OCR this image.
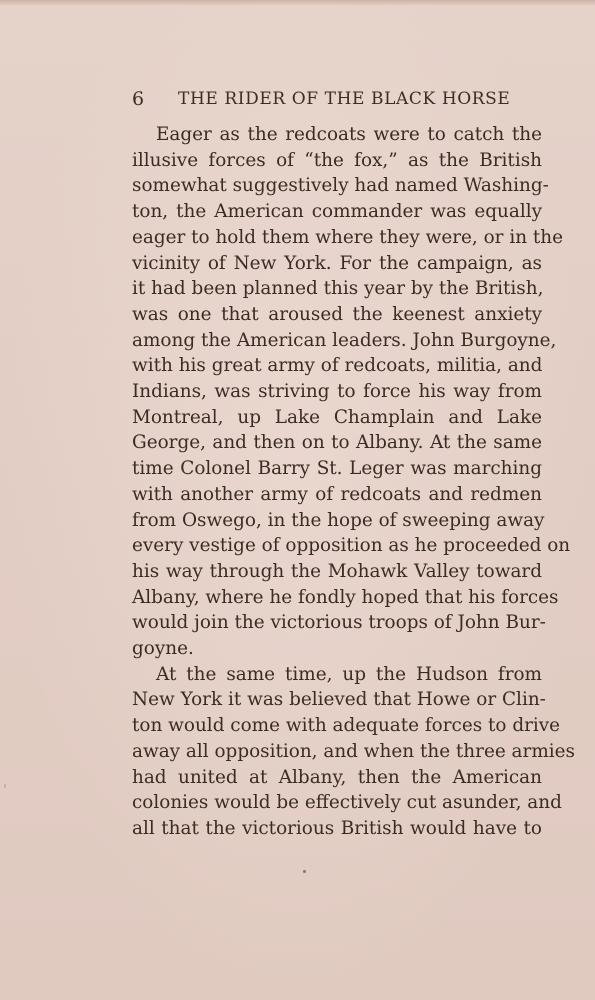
6 THE RIDER OF THE BLACK HORSE
Eager as the redcoats were to catch the
illusive forces of “the fox,” as the British
somewhat suggestively had named Washing-
ton, the American commander was equally
eager to hold them where they were, or in the
vicinity of New York. For the campaign, as
it had been planned this year by the British,
was one that aroused the keenest anxiety
among the American leaders. John Burgoyne,
with his great army of redcoats, militia, and
Indians, was striving to force his way from
Montreal, up Lake Champlain and Lake
George, and then on to Albany. At the same
time Colonel Barry St. Leger was marching
with another army of redcoats and redmen
from Oswego, in the hope of sweeping away
every vestige of opposition as he proceeded on
his way through the Mohawk Valley toward
Albany, where he fondly hoped that his forces
would join the victorious troops of John Bur-
goyne.
At the same time, up the Hudson from
New York it was believed that Howe or Clin-
ton would come with adequate forces to drive
away all opposition, and when the three armies
had united at Albany, then the American
colonies would be effectively cut asunder, and
all that the victorious British would have to
